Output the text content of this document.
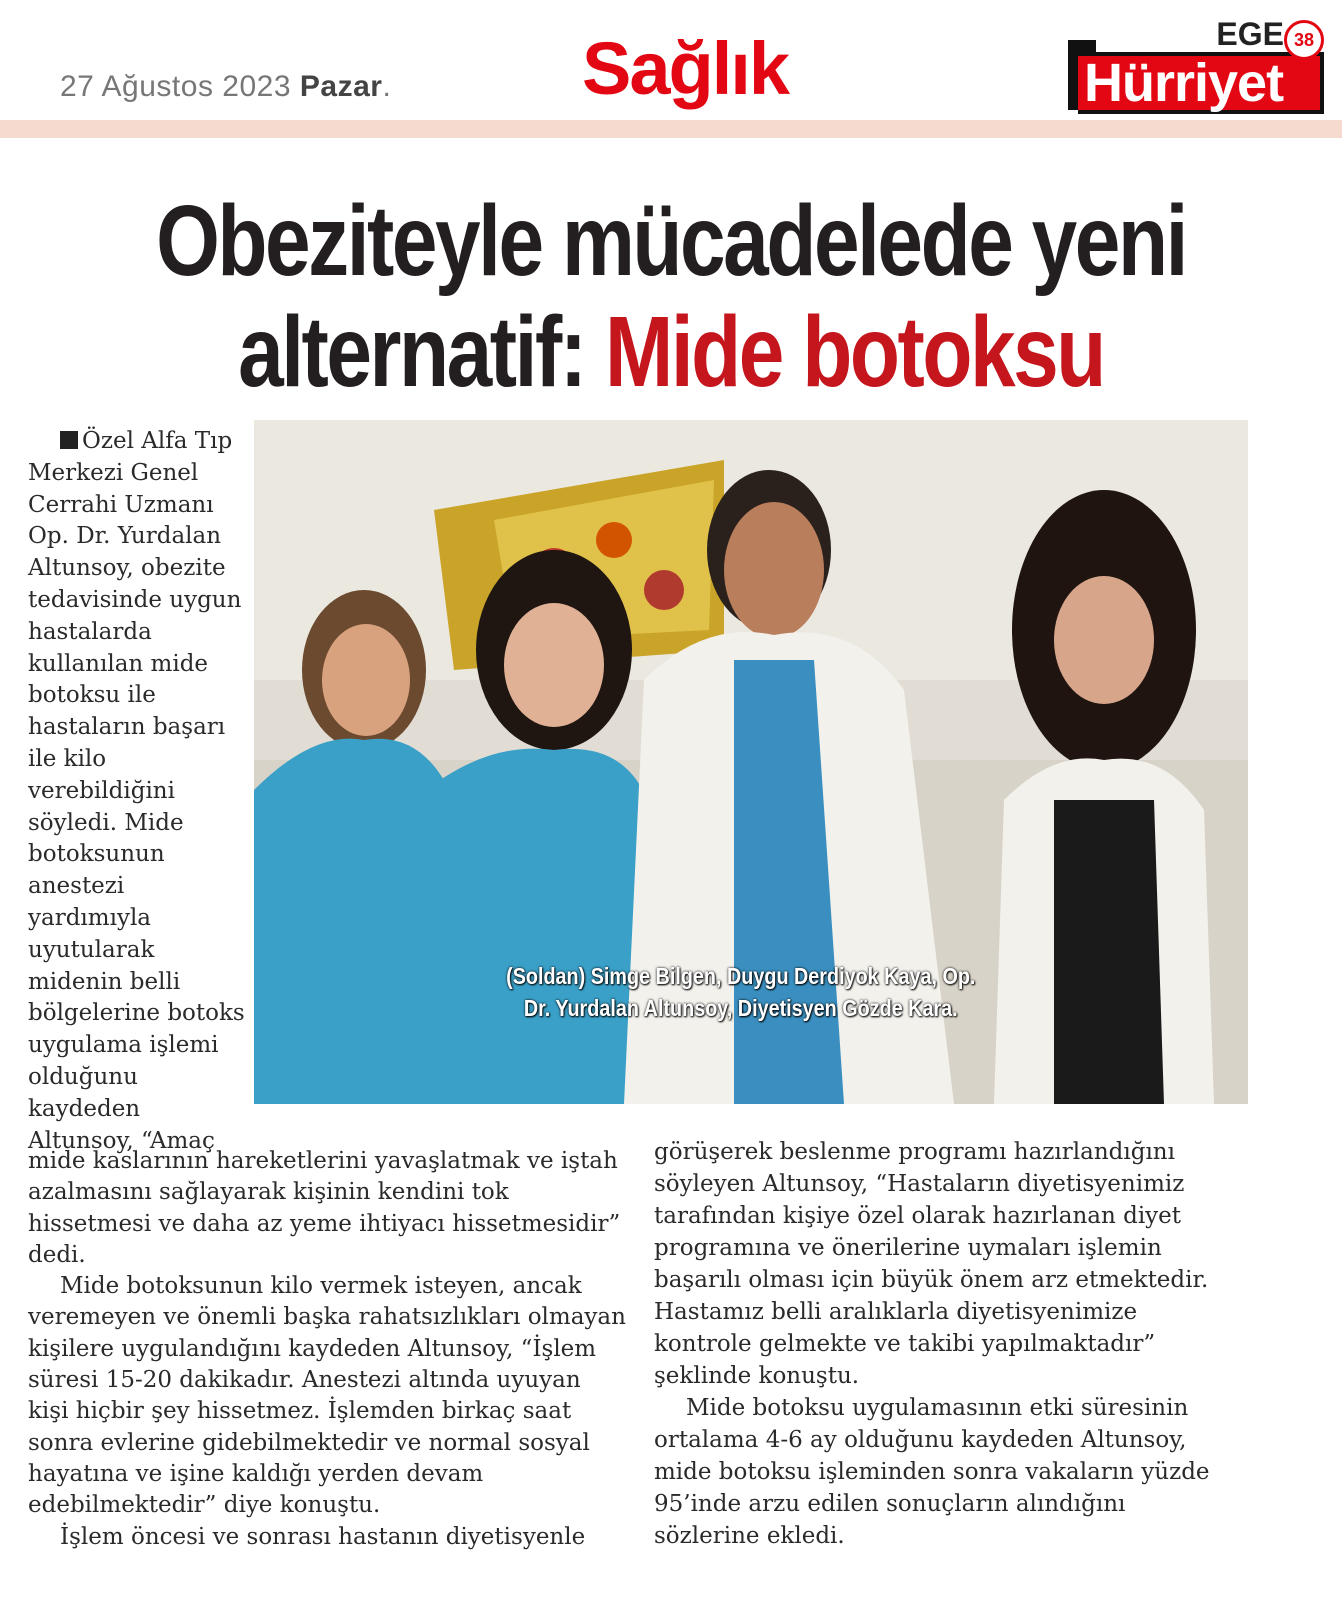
27 Ağustos 2023 Pazar.	Sağlık	Hürriyet
EGE 38
Obeziteyle mücadelede yeni
alternatif: Mide botoksu
Özel Alfa Tıp Merkezi Genel Cerrahi Uzmanı Op. Dr. Yurdalan Altunsoy, obezite tedavisinde uygun hastalarda kullanılan mide botoksu ile hastaların başarı ile kilo verebildiğini söyledi. Mide botoksunun anestezi yardımıyla uyutularak midenin belli bölgelerine botoks uygulama işlemi olduğunu kaydeden Altunsoy, “Amaç
(Soldan) Simge Bilgen, Duygu Derdiyok Kaya, Op.
Dr. Yurdalan Altunsoy, Diyetisyen Gözde Kara.

mide kaslarının hareketlerini yavaşlatmak ve iştah azalmasını sağlayarak kişinin kendini tok hissetmesi ve daha az yeme ihtiyacı hissetmesidir” dedi.

Mide botoksunun kilo vermek isteyen, ancak veremeyen ve önemli başka rahatsızlıkları olmayan kişilere uygulandığını kaydeden Altunsoy, “İşlem süresi 15-20 dakikadır. Anestezi altında uyuyan kişi hiçbir şey hissetmez. İşlemden birkaç saat sonra evlerine gidebilmektedir ve normal sosyal hayatına ve işine kaldığı yerden devam edebilmektedir” diye konuştu.

İşlem öncesi ve sonrası hastanın diyetisyenle

görüşerek beslenme programı hazırlandığını söyleyen Altunsoy, “Hastaların diyetisyenimiz tarafından kişiye özel olarak hazırlanan diyet programına ve önerilerine uymaları işlemin başarılı olması için büyük önem arz etmektedir. Hastamız belli aralıklarla diyetisyenimize kontrole gelmekte ve takibi yapılmaktadır” şeklinde konuştu.

Mide botoksu uygulamasının etki süresinin ortalama 4-6 ay olduğunu kaydeden Altunsoy, mide botoksu işleminden sonra vakaların yüzde 95’inde arzu edilen sonuçların alındığını sözlerine ekledi.
